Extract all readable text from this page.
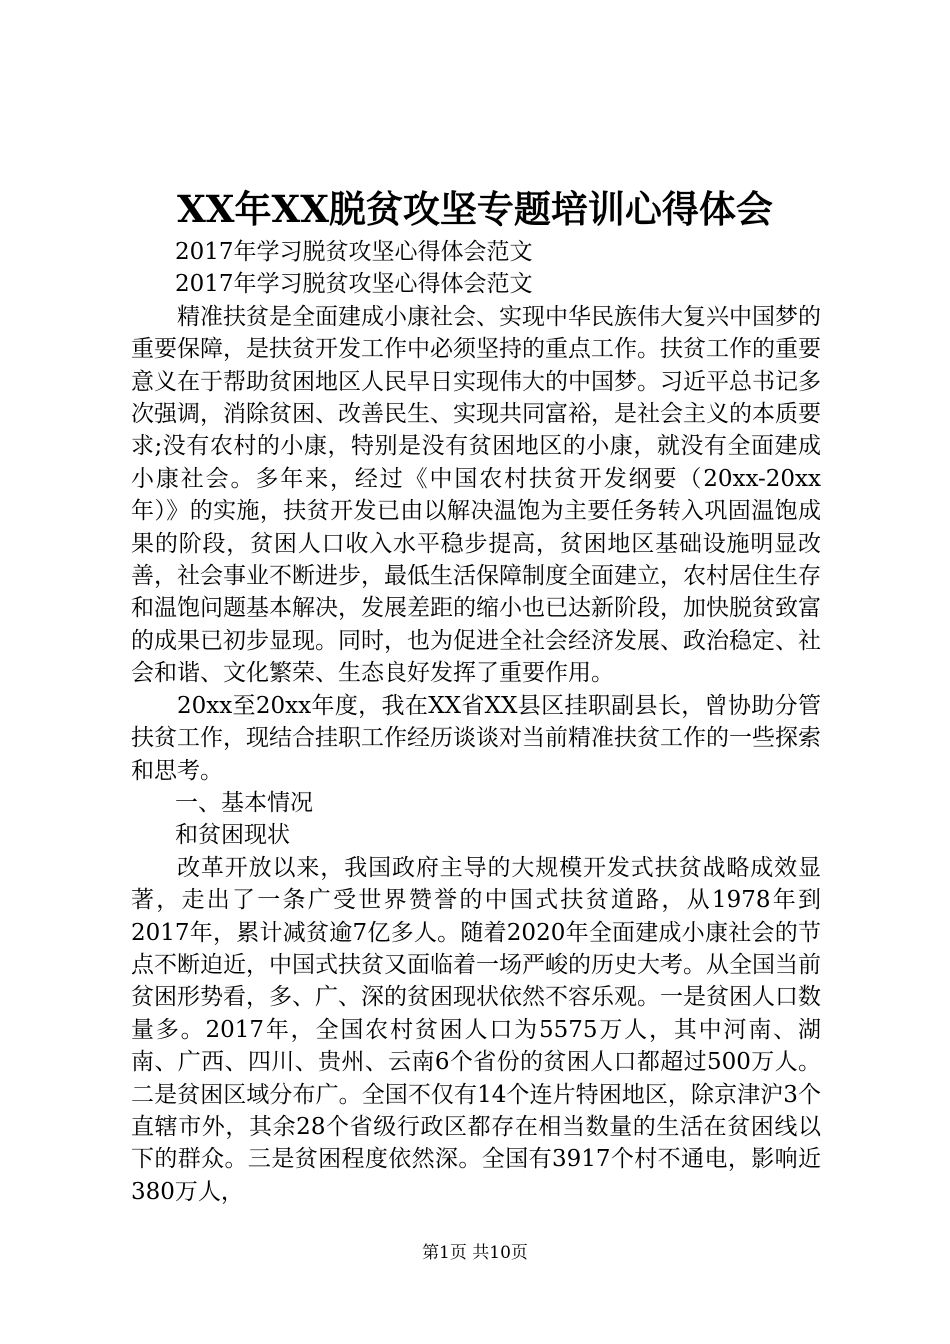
XX年XX脱贫攻坚专题培训心得体会

2017年学习脱贫攻坚心得体会范文

2017年学习脱贫攻坚心得体会范文

精准扶贫是全面建成小康社会、实现中华民族伟大复兴中国梦的重要保障，是扶贫开发工作中必须坚持的重点工作。扶贫工作的重要意义在于帮助贫困地区人民早日实现伟大的中国梦。习近平总书记多次强调，消除贫困、改善民生、实现共同富裕，是社会主义的本质要求;没有农村的小康，特别是没有贫困地区的小康，就没有全面建成小康社会。多年来，经过《中国农村扶贫开发纲要（20xx-20xx年）》的实施，扶贫开发已由以解决温饱为主要任务转入巩固温饱成果的阶段，贫困人口收入水平稳步提高，贫困地区基础设施明显改善，社会事业不断进步，最低生活保障制度全面建立，农村居住生存和温饱问题基本解决，发展差距的缩小也已达新阶段，加快脱贫致富的成果已初步显现。同时，也为促进全社会经济发展、政治稳定、社会和谐、文化繁荣、生态良好发挥了重要作用。

20xx至20xx年度，我在XX省XX县区挂职副县长，曾协助分管扶贫工作，现结合挂职工作经历谈谈对当前精准扶贫工作的一些探索和思考。

一、基本情况

和贫困现状

改革开放以来，我国政府主导的大规模开发式扶贫战略成效显著，走出了一条广受世界赞誉的中国式扶贫道路，从1978年到2017年，累计减贫逾7亿多人。随着2020年全面建成小康社会的节点不断迫近，中国式扶贫又面临着一场严峻的历史大考。从全国当前贫困形势看，多、广、深的贫困现状依然不容乐观。一是贫困人口数量多。2017年，全国农村贫困人口为5575万人，其中河南、湖南、广西、四川、贵州、云南6个省份的贫困人口都超过500万人。二是贫困区域分布广。全国不仅有14个连片特困地区，除京津沪3个直辖市外，其余28个省级行政区都存在相当数量的生活在贫困线以下的群众。三是贫困程度依然深。全国有3917个村不通电，影响近380万人，

第1页 共10页
